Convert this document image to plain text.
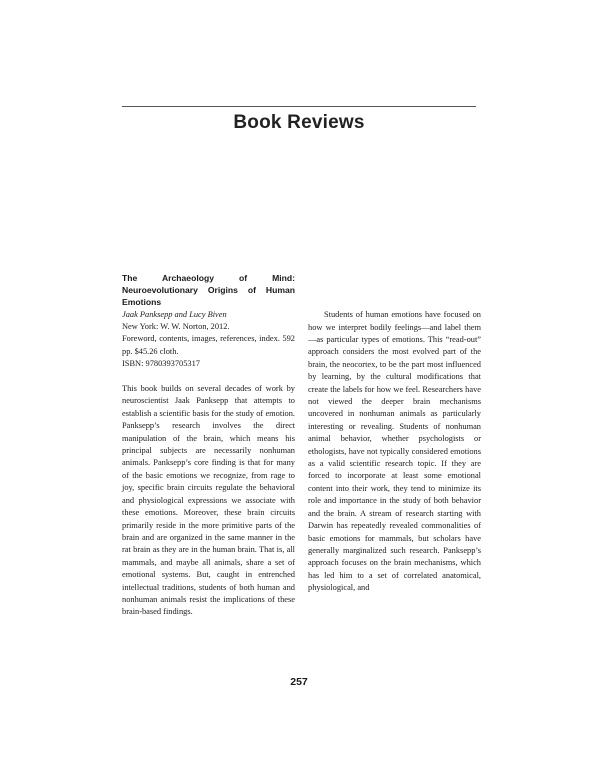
Book Reviews

The Archaeology of Mind: Neuroevolutionary Origins of Human Emotions

Jaak Panksepp and Lucy Biven

New York: W. W. Norton, 2012.

Foreword, contents, images, references, index. 592 pp. $45.26 cloth.

ISBN: 9780393705317

This book builds on several decades of work by neuroscientist Jaak Panksepp that attempts to establish a scientific basis for the study of emotion. Panksepp’s research involves the direct manipulation of the brain, which means his principal subjects are necessarily nonhuman animals. Panksepp’s core finding is that for many of the basic emotions we recognize, from rage to joy, specific brain circuits regulate the behavioral and physiological expressions we associate with these emotions. Moreover, these brain circuits primarily reside in the more primitive parts of the brain and are organized in the same manner in the rat brain as they are in the human brain. That is, all mammals, and maybe all animals, share a set of emotional systems. But, caught in entrenched intellectual traditions, students of both human and nonhuman animals resist the implications of these brain-based findings.

Students of human emotions have focused on how we interpret bodily feelings—and label them—as particular types of emotions. This “read-out” approach considers the most evolved part of the brain, the neocortex, to be the part most influenced by learning, by the cultural modifications that create the labels for how we feel. Researchers have not viewed the deeper brain mechanisms uncovered in nonhuman animals as particularly interesting or revealing. Students of nonhuman animal behavior, whether psychologists or ethologists, have not typically considered emotions as a valid scientific research topic. If they are forced to incorporate at least some emotional content into their work, they tend to minimize its role and importance in the study of both behavior and the brain. A stream of research starting with Darwin has repeatedly revealed commonalities of basic emotions for mammals, but scholars have generally marginalized such research. Panksepp’s approach focuses on the brain mechanisms, which has led him to a set of correlated anatomical, physiological, and

257
